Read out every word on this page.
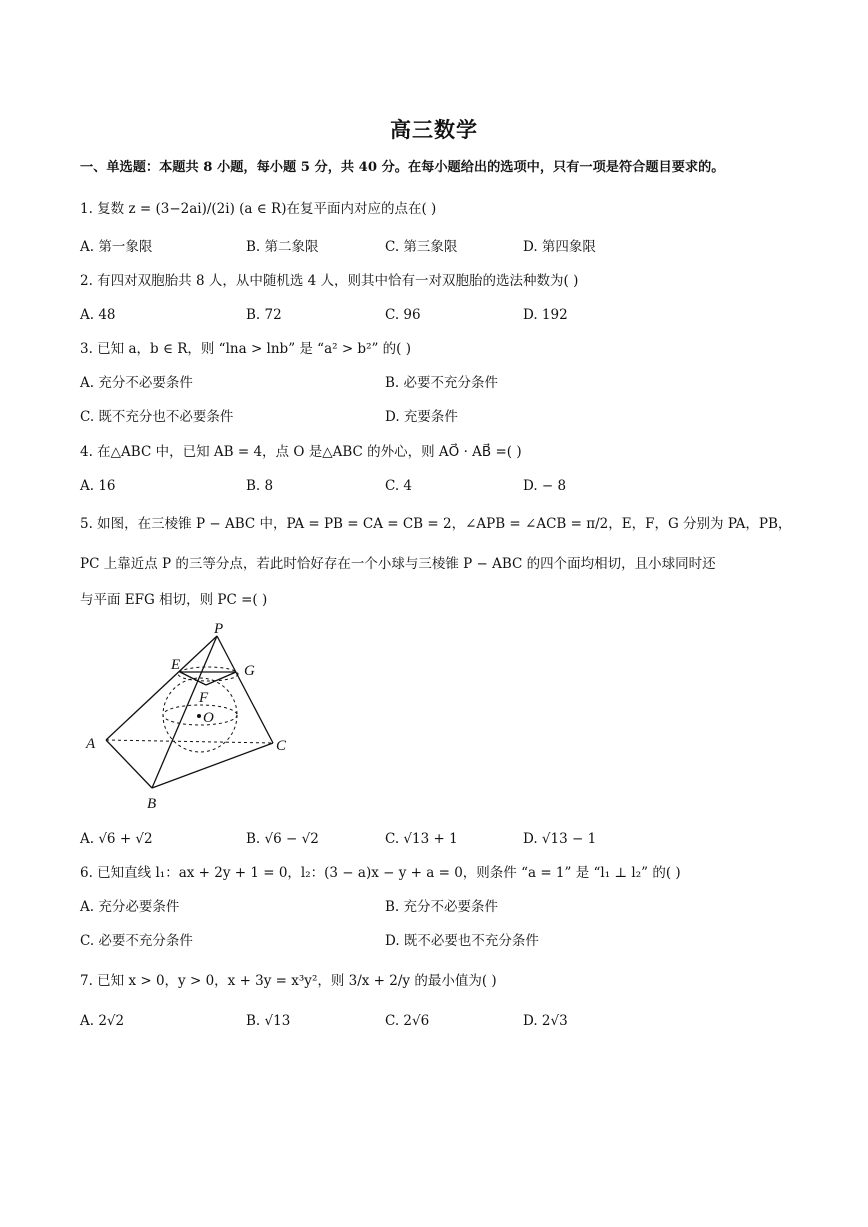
高三数学
一、单选题：本题共 8 小题，每小题 5 分，共 40 分。在每小题给出的选项中，只有一项是符合题目要求的。
1. 复数 z = (3−2ai)/(2i) (a ∈ R)在复平面内对应的点在( )
A. 第一象限	B. 第二象限	C. 第三象限	D. 第四象限
2. 有四对双胞胎共 8 人，从中随机选 4 人，则其中恰有一对双胞胎的选法种数为( )
A. 48	B. 72	C. 96	D. 192
3. 已知 a，b ∈ R，则 “lna > lnb” 是 “a² > b²” 的( )
A. 充分不必要条件	B. 必要不充分条件
C. 既不充分也不必要条件	D. 充要条件
4. 在△ABC 中，已知 AB = 4，点 O 是△ABC 的外心，则 AO⃗ · AB⃗ =( )
A. 16	B. 8	C. 4	D. − 8
5. 如图，在三棱锥 P − ABC 中，PA = PB = CA = CB = 2，∠APB = ∠ACB = π/2，E，F，G 分别为 PA，PB，
PC 上靠近点 P 的三等分点，若此时恰好存在一个小球与三棱锥 P − ABC 的四个面均相切，且小球同时还
与平面 EFG 相切，则 PC =( )
P
E	G
F
O
A
B
C
A. √6 + √2	B. √6 − √2	C. √13 + 1	D. √13 − 1
6. 已知直线 l₁：ax + 2y + 1 = 0，l₂：(3 − a)x − y + a = 0，则条件 “a = 1” 是 “l₁ ⊥ l₂” 的( )
A. 充分必要条件	B. 充分不必要条件
C. 必要不充分条件	D. 既不必要也不充分条件
7. 已知 x > 0，y > 0，x + 3y = x³y²，则 3/x + 2/y 的最小值为( )
A. 2√2	B. √13	C. 2√6	D. 2√3
